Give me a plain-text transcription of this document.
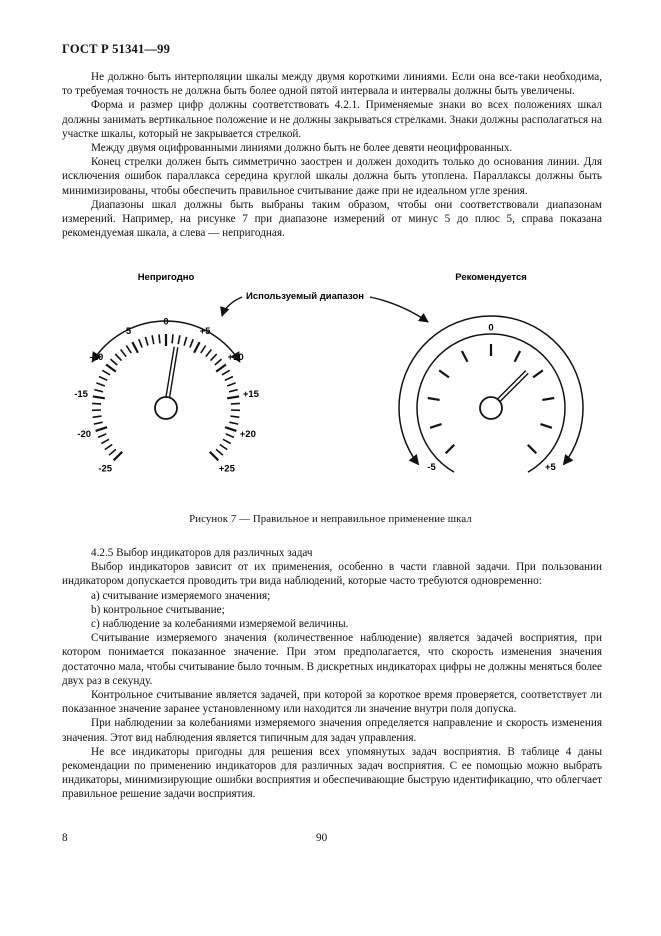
ГОСТ Р 51341—99

Не должно быть интерполяции шкалы между двумя короткими линиями. Если она все-таки необходима, то требуемая точность не должна быть более одной пятой интервала и интервалы должны быть увеличены.

Форма и размер цифр должны соответствовать 4.2.1. Применяемые знаки во всех положениях шкал должны занимать вертикальное положение и не должны закрываться стрелками. Знаки должны располагаться на участке шкалы, который не закрывается стрелкой.

Между двумя оцифрованными линиями должно быть не более девяти неоцифрованных.

Конец стрелки должен быть симметрично заострен и должен доходить только до основания линии. Для исключения ошибок параллакса середина круглой шкалы должна быть утоплена. Параллаксы должны быть минимизированы, чтобы обеспечить правильное считывание даже при не идеальном угле зрения.

Диапазоны шкал должны быть выбраны таким образом, чтобы они соответствовали диапазонам измерений. Например, на рисунке 7 при диапазоне измерений от минус 5 до плюс 5, справа показана рекомендуемая шкала, а слева — непригодная.

Непригодно	Рекомендуется
Используемый диапазон
-25
-20
-15
-10
-5
0
+5
+10
+15
+20
+25	-5
0
+5
Рисунок 7 — Правильное и неправильное применение шкал

4.2.5 Выбор индикаторов для различных задач

Выбор индикаторов зависит от их применения, особенно в части главной задачи. При пользовании индикатором допускается проводить три вида наблюдений, которые часто требуются одновременно:

a) считывание измеряемого значения;

b) контрольное считывание;

c) наблюдение за колебаниями измеряемой величины.

Считывание измеряемого значения (количественное наблюдение) является задачей восприятия, при котором понимается показанное значение. При этом предполагается, что скорость изменения значения достаточно мала, чтобы считывание было точным. В дискретных индикаторах цифры не должны меняться более двух раз в секунду.

Контрольное считывание является задачей, при которой за короткое время проверяется, соответствует ли показанное значение заранее установленному или находится ли значение внутри поля допуска.

При наблюдении за колебаниями измеряемого значения определяется направление и скорость изменения значения. Этот вид наблюдения является типичным для задач управления.

Не все индикаторы пригодны для решения всех упомянутых задач восприятия. В таблице 4 даны рекомендации по применению индикаторов для различных задач восприятия. С ее помощью можно выбрать индикаторы, минимизирующие ошибки восприятия и обеспечивающие быструю идентификацию, что облегчает правильное решение задачи восприятия.

8	90
